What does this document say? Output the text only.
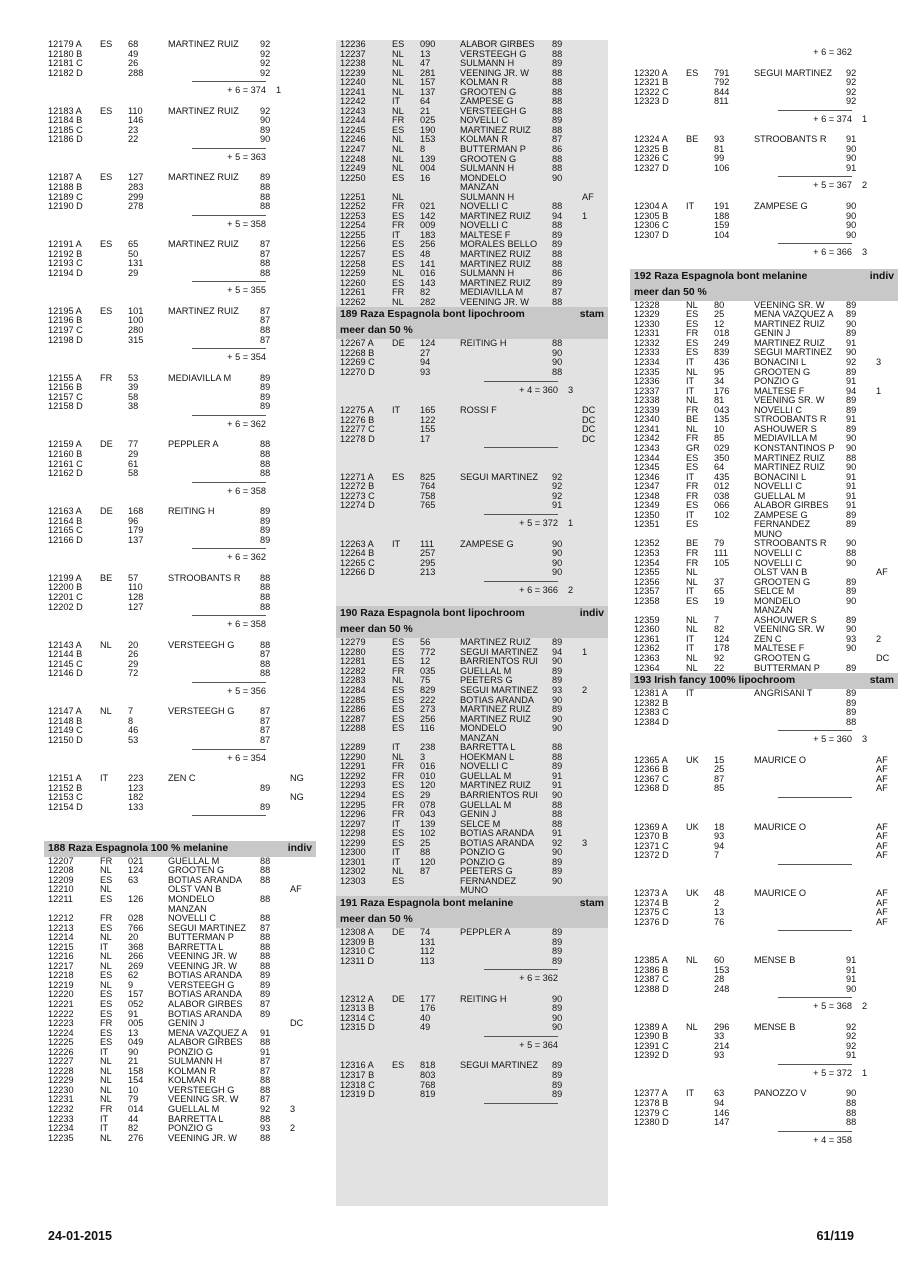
12179 A ES 68	MARTINEZ RUIZ 92
12180 B	49	92
12181 C	26	92
12182 D	288	92
+ 6 = 374 1
12183 A ES 110	MARTINEZ RUIZ 92
12184 B	146	90
12185 C	23	89
12186 D	22	90
+ 5 = 363
12187 A ES 127	MARTINEZ RUIZ 89
12188 B	283	88
12189 C	299	88
12190 D	278	88
+ 5 = 358
12191 A ES 65	MARTINEZ RUIZ 87
12192 B	50	87
12193 C	131	88
12194 D	29	88
+ 5 = 355
12195 A ES 101	MARTINEZ RUIZ 87
12196 B	100	87
12197 C	280	88
12198 D	315	87
+ 5 = 354
12155 A FR 53	MEDIAVILLA M	89
12156 B	39	89
12157 C	58	89
12158 D	38	89
+ 6 = 362
12159 A DE 77	PEPPLER A	88
12160 B	29	88
12161 C	61	88
12162 D	58	88
+ 6 = 358
12163 A DE 168	REITING H	89
12164 B	96	89
12165 C	179	89
12166 D	137	89
+ 6 = 362
12199 A BE 57	STROOBANTS R 88
12200 B	110	88
12201 C	128	88
12202 D	127	88
+ 6 = 358
12143 A NL 20	VERSTEEGH G	88
12144 B	26	87
12145 C	29	88
12146 D	72	88
+ 5 = 356
12147 A NL 7	VERSTEEGH G	87
12148 B	8	87
12149 C	46	87
12150 D	53	87
+ 6 = 354
12151 A IT 223	ZEN C	NG
12152 B	123	89
12153 C	182	NG
12154 D	133	89
188 Raza Espagnola 100 % melanine	indiv
12207	FR 021	GUELLAL M	88
12208	NL 124	GROOTEN G	88
12209	ES 63	BOTIAS ARANDA 88
12210	NL	OLST VAN B	AF
12211	ES 126	MONDELO	88
MANZAN
12212	FR 028	NOVELLI C	88
12213	ES 766	SEGUI MARTINEZ 87
12214	NL 20	BUTTERMAN P	88
12215	IT 368	BARRETTA L	88
12216	NL 266	VEENING JR. W	88
12217	NL 269	VEENING JR. W	88
12218	ES 62	BOTIAS ARANDA 89
12219	NL 9	VERSTEEGH G	89
12220	ES 157	BOTIAS ARANDA 89
12221	ES 052	ALABOR GIRBES 87
12222	ES 91	BOTIAS ARANDA 89
12223	FR 005	GENIN J	DC
12224	ES 13	MENA VAZQUEZ A 91
12225	ES 049	ALABOR GIRBES 88
12226	IT 90	PONZIO G	91
12227	NL 21	SULMANN H	87
12228	NL 158	KOLMAN R	87
12229	NL 154	KOLMAN R	88
12230	NL 10	VERSTEEGH G	88
12231	NL 79	VEENING SR. W 87
12232	FR 014	GUELLAL M	92 3
12233	IT 44	BARRETTA L	88
12234	IT 82	PONZIO G	93 2
12235	NL 276	VEENING JR. W	88
12236	ES 090	ALABOR GIRBES 89
12237	NL 13	VERSTEEGH G	88
12238	NL 47	SULMANN H	89
12239	NL 281	VEENING JR. W	88
12240	NL 157	KOLMAN R	88
12241	NL 137	GROOTEN G	88
12242	IT 64	ZAMPESE G	88
12243	NL 21	VERSTEEGH G	88
12244	FR 025	NOVELLI C	89
12245	ES 190	MARTINEZ RUIZ 88
12246	NL 153	KOLMAN R	87
12247	NL 8	BUTTERMAN P	86
12248	NL 139	GROOTEN G	88
12249	NL 004	SULMANN H	88
12250	ES 16	MONDELO	90
MANZAN
12251	NL	SULMANN H	AF
12252	FR 021	NOVELLI C	88
12253	ES 142	MARTINEZ RUIZ 94 1
12254	FR 009	NOVELLI C	88
12255	IT 183	MALTESE F	89
12256	ES 256	MORALES BELLO 89
12257	ES 48	MARTINEZ RUIZ 88
12258	ES 141	MARTINEZ RUIZ 88
12259	NL 016	SULMANN H	86
12260	ES 143	MARTINEZ RUIZ 89
12261	FR 82	MEDIAVILLA M	87
12262	NL 282	VEENING JR. W	88
189 Raza Espagnola bont lipochroom	stam
meer dan 50 %
12267 A DE 124	REITING H	88
12268 B	27	90
12269 C	94	90
12270 D	93	88
+ 4 = 360 3
12275 A IT 165	ROSSI F	DC
12276 B	122	DC
12277 C	155	DC
12278 D	17	DC
12271 A ES 825	SEGUI MARTINEZ 92
12272 B	764	92
12273 C	758	92
12274 D	765	91
+ 5 = 372 1
12263 A IT 111	ZAMPESE G	90
12264 B	257	90
12265 C	295	90
12266 D	213	90
+ 6 = 366 2
190 Raza Espagnola bont lipochroom	indiv
meer dan 50 %
12279	ES 56	MARTINEZ RUIZ 89
12280	ES 772	SEGUI MARTINEZ 94 1
12281	ES 12	BARRIENTOS RUI 90
12282	FR 035	GUELLAL M	89
12283	NL 75	PEETERS G	89
12284	ES 829	SEGUI MARTINEZ 93 2
12285	ES 222	BOTIAS ARANDA 90
12286	ES 273	MARTINEZ RUIZ 89
12287	ES 256	MARTINEZ RUIZ 90
12288	ES 116	MONDELO	90
MANZAN
12289	IT 238	BARRETTA L	88
12290	NL 3	HOEKMAN L	88
12291	FR 016	NOVELLI C	89
12292	FR 010	GUELLAL M	91
12293	ES 120	MARTINEZ RUIZ 91
12294	ES 29	BARRIENTOS RUI 90
12295	FR 078	GUELLAL M	88
12296	FR 043	GENIN J	88
12297	IT 139	SELCE M	88
12298	ES 102	BOTIAS ARANDA 91
12299	ES 25	BOTIAS ARANDA 92 3
12300	IT 88	PONZIO G	90
12301	IT 120	PONZIO G	89
12302	NL 87	PEETERS G	89
12303	ES	FERNANDEZ	90
MUNO
191 Raza Espagnola bont melanine	stam
meer dan 50 %
12308 A DE 74	PEPPLER A	89
12309 B	131	89
12310 C	112	89
12311 D	113	89
+ 6 = 362
12312 A DE 177	REITING H	90
12313 B	176	89
12314 C	40	90
12315 D	49	90
+ 5 = 364
12316 A ES 818	SEGUI MARTINEZ 89
12317 B	803	89
12318 C	768	89
12319 D	819	89
+ 6 = 362
12320 A ES 791	SEGUI MARTINEZ 92
12321 B	792	92
12322 C	844	92
12323 D	811	92
+ 6 = 374 1
12324 A BE 93	STROOBANTS R 91
12325 B	81	90
12326 C	99	90
12327 D	106	91
+ 5 = 367 2
12304 A IT 191	ZAMPESE G	90
12305 B	188	90
12306 C	159	90
12307 D	104	90
+ 6 = 366 3
192 Raza Espagnola bont melanine	indiv
meer dan 50 %
12328	NL 80	VEENING SR. W 89
12329	ES 25	MENA VAZQUEZ A 89
12330	ES 12	MARTINEZ RUIZ 90
12331	FR 018	GENIN J	89
12332	ES 249	MARTINEZ RUIZ 91
12333	ES 839	SEGUI MARTINEZ 90
12334	IT 436	BONACINI L	92 3
12335	NL 95	GROOTEN G	89
12336	IT 34	PONZIO G	91
12337	IT 176	MALTESE F	94 1
12338	NL 81	VEENING SR. W 89
12339	FR 043	NOVELLI C	89
12340	BE 135	STROOBANTS R 91
12341	NL 10	ASHOUWER S	89
12342	FR 85	MEDIAVILLA M	90
12343	GR 029	KONSTANTINOS P 90
12344	ES 350	MARTINEZ RUIZ 88
12345	ES 64	MARTINEZ RUIZ 90
12346	IT 435	BONACINI L	91
12347	FR 012	NOVELLI C	91
12348	FR 038	GUELLAL M	91
12349	ES 066	ALABOR GIRBES 91
12350	IT 102	ZAMPESE G	89
12351	ES	FERNANDEZ	89
MUNO
12352	BE 79	STROOBANTS R 90
12353	FR 111	NOVELLI C	88
12354	FR 105	NOVELLI C	90
12355	NL	OLST VAN B	AF
12356	NL 37	GROOTEN G	89
12357	IT 65	SELCE M	89
12358	ES 19	MONDELO	90
MANZAN
12359	NL 7	ASHOUWER S	89
12360	NL 82	VEENING SR. W 90
12361	IT 124	ZEN C	93 2
12362	IT 178	MALTESE F	90
12363	NL 92	GROOTEN G	DC
12364	NL 22	BUTTERMAN P	89
193 Irish fancy 100% lipochroom	stam
12381 A IT	ANGRISANI T	89
12382 B	89
12383 C	89
12384 D	88
+ 5 = 360 3
12365 A UK 15	MAURICE O	AF
12366 B	25	AF
12367 C	87	AF
12368 D	85	AF
12369 A UK 18	MAURICE O	AF
12370 B	93	AF
12371 C	94	AF
12372 D	7	AF
12373 A UK 48	MAURICE O	AF
12374 B	2	AF
12375 C	13	AF
12376 D	76	AF
12385 A NL 60	MENSE B	91
12386 B	153	91
12387 C	28	91
12388 D	248	90
+ 5 = 368 2
12389 A NL 296	MENSE B	92
12390 B	33	92
12391 C	214	92
12392 D	93	91
+ 5 = 372 1
12377 A IT 63	PANOZZO V	90
12378 B	94	88
12379 C	146	88
12380 D	147	88
+ 4 = 358
24-01-2015	61/119
